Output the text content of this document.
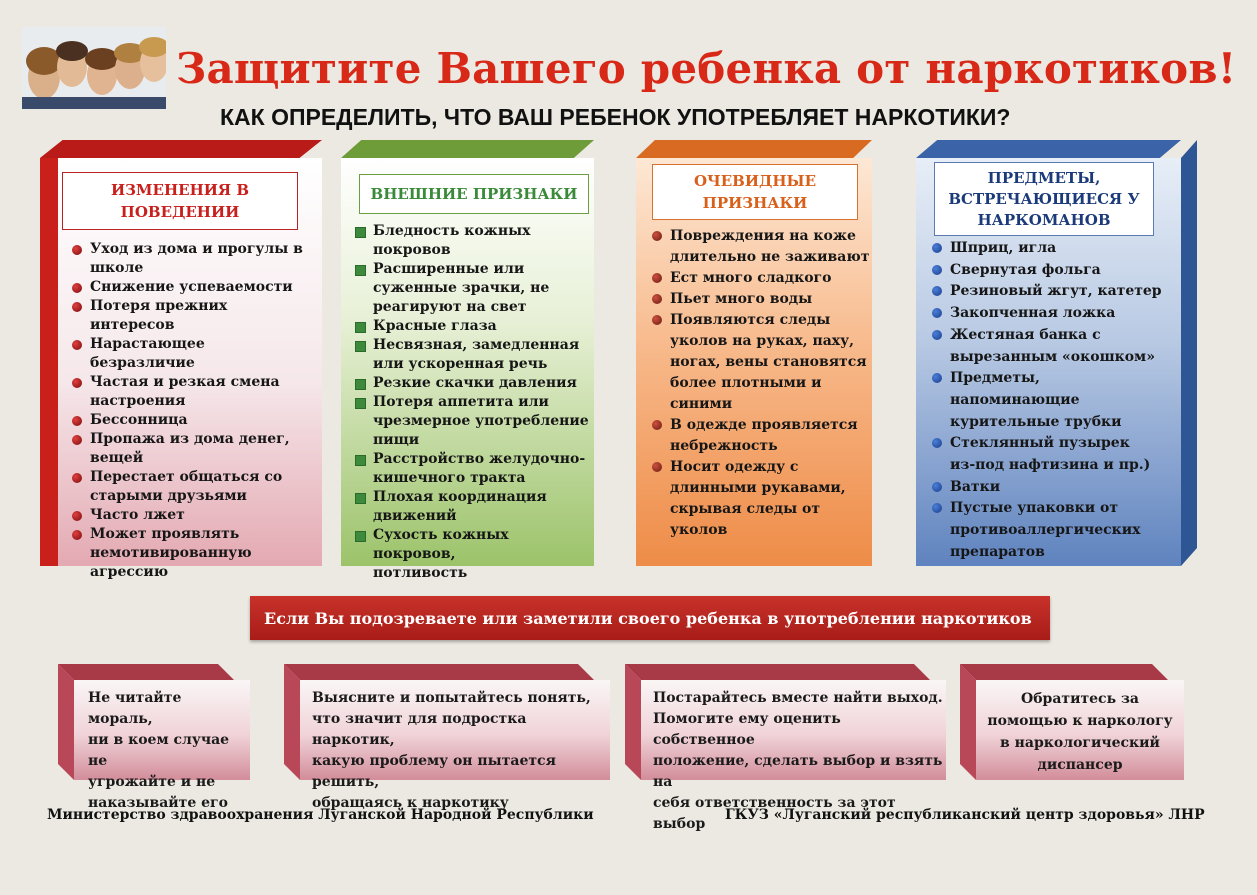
Защитите Вашего ребенка от наркотиков!
КАК ОПРЕДЕЛИТЬ, ЧТО ВАШ РЕБЕНОК УПОТРЕБЛЯЕТ НАРКОТИКИ?
ИЗМЕНЕНИЯ В
ПОВЕДЕНИИ
Уход из дома и прогулы в
школе
Снижение успеваемости
Потеря прежних интересов
Нарастающее безразличие
Частая и резкая смена
настроения
Бессонница
Пропажа из дома денег,
вещей
Перестает общаться со
старыми друзьями
Часто лжет
Может проявлять
немотивированную
агрессию
ВНЕШНИЕ ПРИЗНАКИ
Бледность кожных
покровов
Расширенные или
суженные зрачки, не
реагируют на свет
Красные глаза
Несвязная, замедленная
или ускоренная речь
Резкие скачки давления
Потеря аппетита или
чрезмерное употребление
пищи
Расстройство желудочно-
кишечного тракта
Плохая координация
движений
Сухость кожных покровов,
потливость
ОЧЕВИДНЫЕ
ПРИЗНАКИ
Повреждения на коже
длительно не заживают
Ест много сладкого
Пьет много воды
Появляются следы
уколов на руках, паху,
ногах, вены становятся
более плотными и
синими
В одежде проявляется
небрежность
Носит одежду с
длинными рукавами,
скрывая следы от
уколов
ПРЕДМЕТЫ,
ВСТРЕЧАЮЩИЕСЯ У
НАРКОМАНОВ
Шприц, игла
Свернутая фольга
Резиновый жгут, катетер
Закопченная ложка
Жестяная банка с
вырезанным «окошком»
Предметы, напоминающие
курительные трубки
Стеклянный пузырек
из-под нафтизина и пр.)
Ватки
Пустые упаковки от
противоаллергических
препаратов
Если Вы подозреваете или заметили своего ребенка в употреблении наркотиков
Не читайте мораль,
ни в коем случае не
угрожайте и не
наказывайте его
Выясните и попытайтесь понять,
что значит для подростка наркотик,
какую проблему он пытается решить,
обращаясь к наркотику
Постарайтесь вместе найти выход.
Помогите ему оценить собственное
положение, сделать выбор и взять на
себя ответственность за этот выбор
Обратитесь за
помощью к наркологу
в наркологический
диспансер
Министерство здравоохранения Луганской Народной Республики	ГКУЗ «Луганский республиканский центр здоровья» ЛНР
